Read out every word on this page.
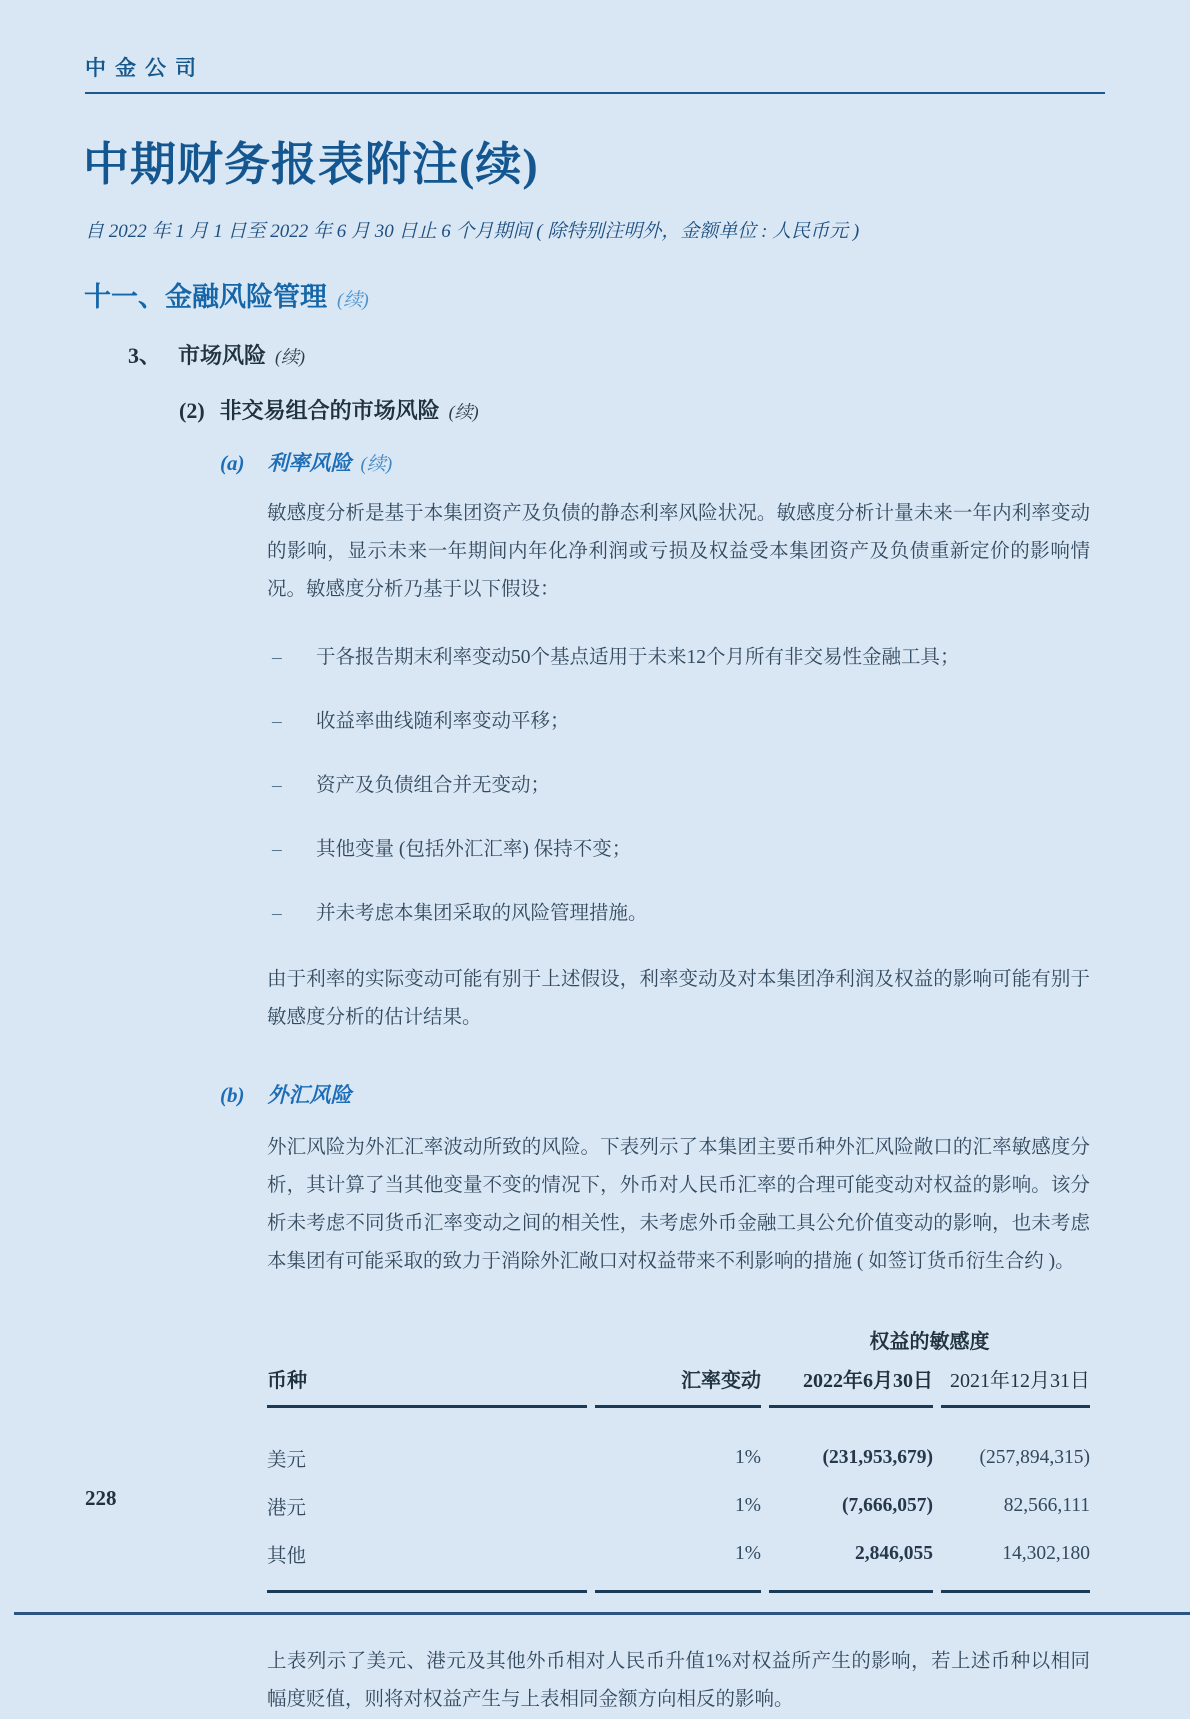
中金公司
中期财务报表附注(续)
自 2022 年 1 月 1 日至 2022 年 6 月 30 日止 6 个月期间 ( 除特别注明外，金额单位 : 人民币元 )
十一、金融风险管理 (续)
3、 市场风险 (续)
(2) 非交易组合的市场风险 (续)
(a) 利率风险 (续)
敏感度分析是基于本集团资产及负债的静态利率风险状况。敏感度分析计量未来一年内利率变动的影响，显示未来一年期间内年化净利润或亏损及权益受本集团资产及负债重新定价的影响情况。敏感度分析乃基于以下假设：
–	于各报告期末利率变动50个基点适用于未来12个月所有非交易性金融工具；
–	收益率曲线随利率变动平移；
–	资产及负债组合并无变动；
–	其他变量 (包括外汇汇率) 保持不变；
–	并未考虑本集团采取的风险管理措施。
由于利率的实际变动可能有别于上述假设，利率变动及对本集团净利润及权益的影响可能有别于敏感度分析的估计结果。
(b) 外汇风险
外汇风险为外汇汇率波动所致的风险。下表列示了本集团主要币种外汇风险敞口的汇率敏感度分析，其计算了当其他变量不变的情况下，外币对人民币汇率的合理可能变动对权益的影响。该分析未考虑不同货币汇率变动之间的相关性，未考虑外币金融工具公允价值变动的影响，也未考虑本集团有可能采取的致力于消除外汇敞口对权益带来不利影响的措施 ( 如签订货币衍生合约 )。
权益的敏感度
币种	汇率变动	2022年6月30日 2021年12月31日
美元	1%	(231,953,679)	(257,894,315)
港元	1%	(7,666,057)	82,566,111
其他	1%	2,846,055	14,302,180
上表列示了美元、港元及其他外币相对人民币升值1%对权益所产生的影响，若上述币种以相同幅度贬值，则将对权益产生与上表相同金额方向相反的影响。
228
